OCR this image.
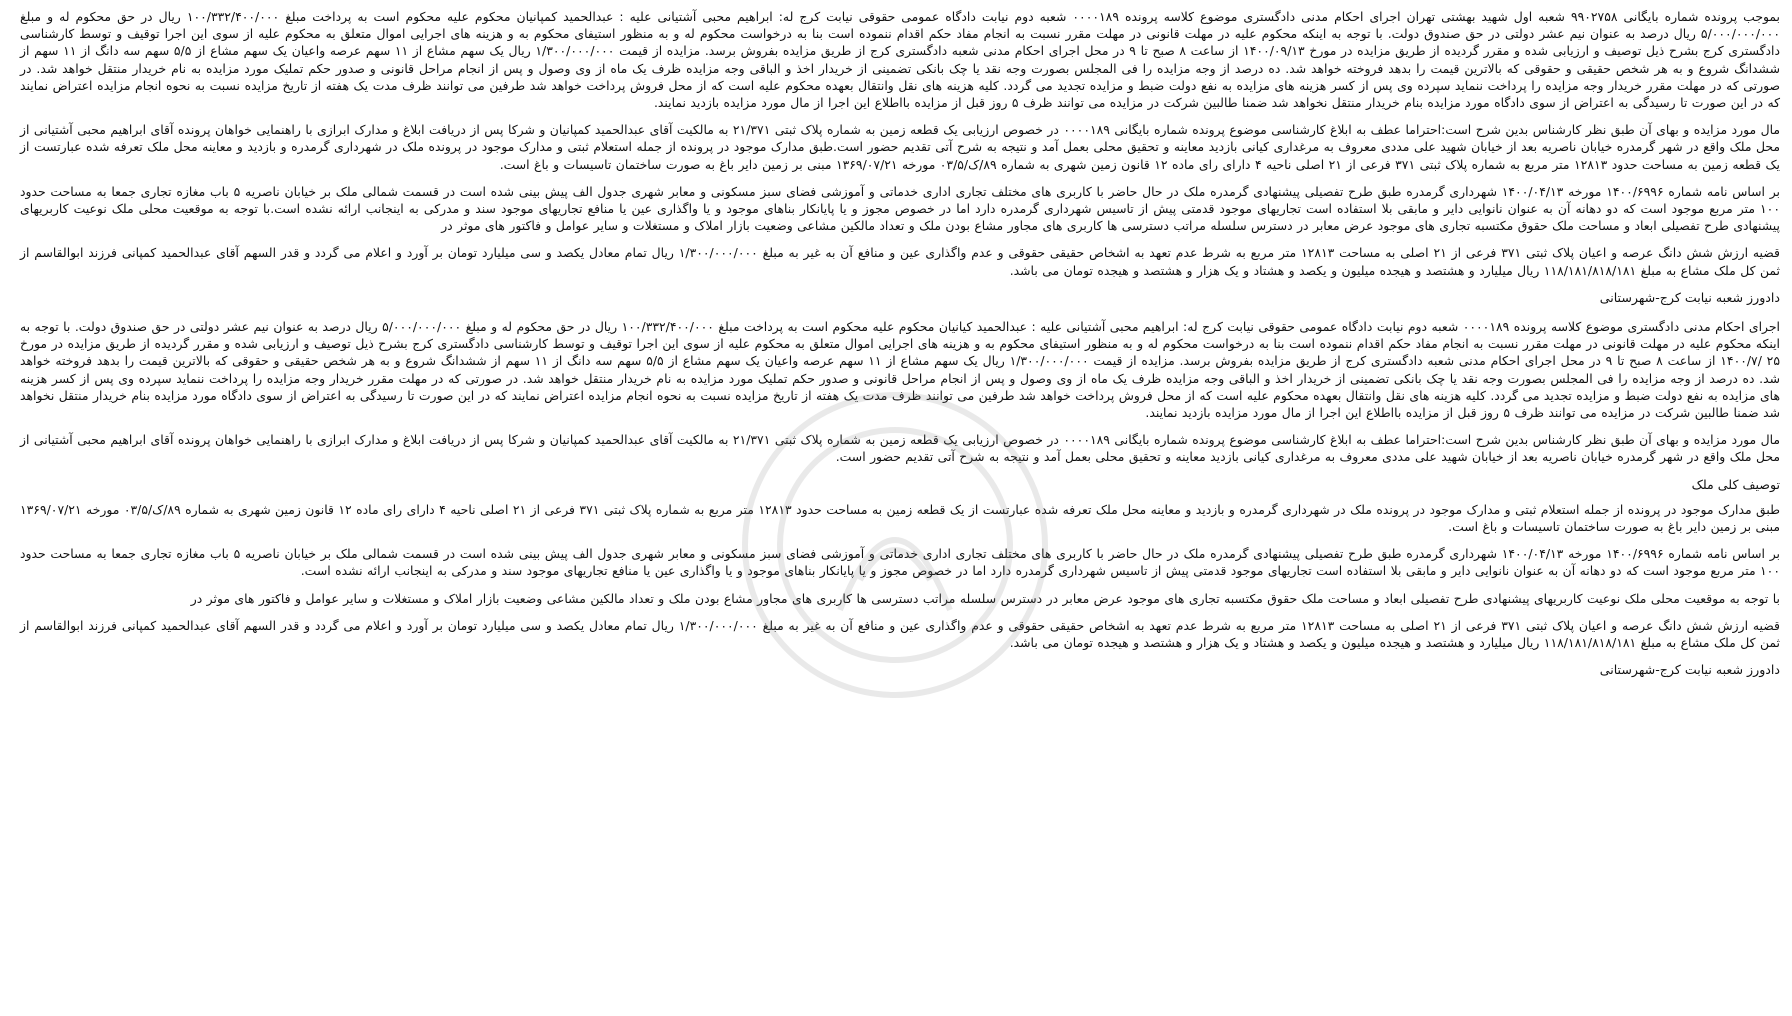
بموجب پرونده شماره بایگانی ۹۹۰۲۷۵۸ شعبه اول شهید بهشتی تهران اجرای احکام مدنی دادگستری موضوع کلاسه پرونده ۰۰۰۰۱۸۹ شعبه دوم نیابت دادگاه عمومی حقوقی نیابت کرج له: ابراهیم محبی آشتیانی علیه : عبدالحمید کمپانیان محکوم علیه محکوم است به پرداخت مبلغ ۱۰۰/۳۳۲/۴۰۰/۰۰۰ ریال در حق محکوم له و مبلغ ۵/۰۰۰/۰۰۰/۰۰۰ ریال درصد به عنوان نیم عشر دولتی در حق صندوق دولت. با توجه به اینکه محکوم علیه در مهلت قانونی در مهلت مقرر نسبت به انجام مفاد حکم اقدام ننموده است بنا به درخواست محکوم له و به منظور استیفای محکوم به و هزینه های اجرایی اموال متعلق به محکوم علیه از سوی این اجرا توقیف و توسط کارشناسی دادگستری کرج بشرح ذیل توصیف و ارزیابی شده و مقرر گردیده از طریق مزایده در مورخ ۱۴۰۰/۰۹/۱۳ از ساعت ۸ صبح تا ۹ در محل اجرای احکام مدنی شعبه دادگستری کرج از طریق مزایده بفروش برسد. مزایده از قیمت ۱/۳۰۰/۰۰۰/۰۰۰ ریال یک سهم مشاع از ۱۱ سهم عرصه واعیان یک سهم مشاع از ۵/۵ سهم سه دانگ از ۱۱ سهم از ششدانگ شروع و به هر شخص حقیقی و حقوقی که بالاترین قیمت را بدهد فروخته خواهد شد. ده درصد از وجه مزایده را فی المجلس بصورت وجه نقد یا چک بانکی تضمینی از خریدار اخذ و الباقی وجه مزایده ظرف یک ماه از وی وصول و پس از انجام مراحل قانونی و صدور حکم تملیک مورد مزایده به نام خریدار منتقل خواهد شد. در صورتی که در مهلت مقرر خریدار وجه مزایده را پرداخت ننماید سپرده وی پس از کسر هزینه های مزایده به نفع دولت ضبط و مزایده تجدید می گردد. کلیه هزینه های نقل وانتقال بعهده محکوم علیه است که از محل فروش پرداخت خواهد شد طرفین می توانند ظرف مدت یک هفته از تاریخ مزایده نسبت به نحوه انجام مزایده اعتراض نمایند که در این صورت تا رسیدگی به اعتراض از سوی دادگاه مورد مزایده بنام خریدار منتقل نخواهد شد ضمنا طالبین شرکت در مزایده می توانند ظرف ۵ روز قبل از مزایده بااطلاع این اجرا از مال مورد مزایده بازدید نمایند.

مال مورد مزایده و بهای آن طبق نظر کارشناس بدین شرح است:احتراما عطف به ابلاغ کارشناسی موضوع پرونده شماره بایگانی ۰۰۰۰۱۸۹ در خصوص ارزیابی یک قطعه زمین به شماره پلاک ثبتی ۲۱/۳۷۱ به مالکیت آقای عبدالحمید کمپانیان و شرکا پس از دریافت ابلاغ و مدارک ابرازی با راهنمایی خواهان پرونده آقای ابراهیم محبی آشتیانی از محل ملک واقع در شهر گرمدره خیابان ناصریه بعد از خیابان شهید علی مددی معروف به مرغداری کیانی بازدید معاینه و تحقیق محلی بعمل آمد و نتیجه به شرح آتی تقدیم حضور است.طبق مدارک موجود در پرونده از جمله استعلام ثبتی و مدارک موجود در پرونده ملک در شهرداری گرمدره و بازدید و معاینه محل ملک تعرفه شده عبارتست از یک قطعه زمین به مساحت حدود ۱۲۸۱۳ متر مربع به شماره پلاک ثبتی ۳۷۱ فرعی از ۲۱ اصلی ناحیه ۴ دارای رای ماده ۱۲ قانون زمین شهری به شماره ۸۹/ک/۰۳/۵ مورخه ۱۳۶۹/۰۷/۲۱ مبنی بر زمین دایر باغ به صورت ساختمان تاسیسات و باغ است.

بر اساس نامه شماره ۱۴۰۰/۶۹۹۶ مورخه ۱۴۰۰/۰۴/۱۳ شهرداری گرمدره طبق طرح تفصیلی پیشنهادی گرمدره ملک در حال حاضر با کاربری های مختلف تجاری اداری خدماتی و آموزشی فضای سبز مسکونی و معابر شهری جدول الف پیش بینی شده است در قسمت شمالی ملک بر خیابان ناصریه ۵ باب مغازه تجاری جمعا به مساحت حدود ۱۰۰ متر مربع موجود است که دو دهانه آن به عنوان نانوایی دایر و مابقی بلا استفاده است تجاریهای موجود قدمتی پیش از تاسیس شهرداری گرمدره دارد اما در خصوص مجوز و یا پایانکار بناهای موجود و یا واگذاری عین یا منافع تجاریهای موجود سند و مدرکی به اینجانب ارائه نشده است.با توجه به موقعیت محلی ملک نوعیت کاربریهای پیشنهادی طرح تفصیلی ابعاد و مساحت ملک حقوق مکتسبه تجاری های موجود عرض معابر در دسترس سلسله مراتب دسترسی ها کاربری های مجاور مشاع بودن ملک و تعداد مالکین مشاعی وضعیت بازار املاک و مستغلات و سایر عوامل و فاکتور های موثر در

قضیه ارزش شش دانگ عرصه و اعیان پلاک ثبتی ۳۷۱ فرعی از ۲۱ اصلی به مساحت ۱۲۸۱۳ متر مربع به شرط عدم تعهد به اشخاص حقیقی حقوقی و عدم واگذاری عین و منافع آن به غیر به مبلغ ۱/۳۰۰/۰۰۰/۰۰۰ ریال تمام معادل یکصد و سی میلیارد تومان بر آورد و اعلام می گردد و قدر السهم آقای عبدالحمید کمپانی فرزند ابوالقاسم از ثمن کل ملک مشاع به مبلغ ۱۱۸/۱۸۱/۸۱۸/۱۸۱ ریال میلیارد و هشتصد و هیجده میلیون و یکصد و هشتاد و یک هزار و هشتصد و هیجده تومان می باشد.

دادورز شعبه نیابت کرج-شهرستانی

اجرای احکام مدنی دادگستری موضوع کلاسه پرونده ۰۰۰۰۱۸۹ شعبه دوم نیابت دادگاه عمومی حقوقی نیابت کرج له: ابراهیم محبی آشتیانی علیه : عبدالحمید کیانیان محکوم علیه محکوم است به پرداخت مبلغ ۱۰۰/۳۳۲/۴۰۰/۰۰۰ ریال در حق محکوم له و مبلغ ۵/۰۰۰/۰۰۰/۰۰۰ ریال درصد به عنوان نیم عشر دولتی در حق صندوق دولت. با توجه به اینکه محکوم علیه در مهلت قانونی در مهلت مقرر نسبت به انجام مفاد حکم اقدام ننموده است بنا به درخواست محکوم له و به منظور استیفای محکوم به و هزینه های اجرایی اموال متعلق به محکوم علیه از سوی این اجرا توقیف و توسط کارشناسی دادگستری کرج بشرح ذیل توصیف و ارزیابی شده و مقرر گردیده از طریق مزایده در مورخ ۲۵ /۱۴۰۰/۷ از ساعت ۸ صبح تا ۹ در محل اجرای احکام مدنی شعبه دادگستری کرج از طریق مزایده بفروش برسد. مزایده از قیمت ۱/۳۰۰/۰۰۰/۰۰۰ ریال یک سهم مشاع از ۱۱ سهم عرصه واعیان یک سهم مشاع از ۵/۵ سهم سه دانگ از ۱۱ سهم از ششدانگ شروع و به هر شخص حقیقی و حقوقی که بالاترین قیمت را بدهد فروخته خواهد شد. ده درصد از وجه مزایده را فی المجلس بصورت وجه نقد یا چک بانکی تضمینی از خریدار اخذ و الباقی وجه مزایده ظرف یک ماه از وی وصول و پس از انجام مراحل قانونی و صدور حکم تملیک مورد مزایده به نام خریدار منتقل خواهد شد. در صورتی که در مهلت مقرر خریدار وجه مزایده را پرداخت ننماید سپرده وی پس از کسر هزینه های مزایده به نفع دولت ضبط و مزایده تجدید می گردد. کلیه هزینه های نقل وانتقال بعهده محکوم علیه است که از محل فروش پرداخت خواهد شد طرفین می توانند ظرف مدت یک هفته از تاریخ مزایده نسبت به نحوه انجام مزایده اعتراض نمایند که در این صورت تا رسیدگی به اعتراض از سوی دادگاه مورد مزایده بنام خریدار منتقل نخواهد شد ضمنا طالبین شرکت در مزایده می توانند ظرف ۵ روز قبل از مزایده بااطلاع این اجرا از مال مورد مزایده بازدید نمایند.

مال مورد مزایده و بهای آن طبق نظر کارشناس بدین شرح است:احتراما عطف به ابلاغ کارشناسی موضوع پرونده شماره بایگانی ۰۰۰۰۱۸۹ در خصوص ارزیابی یک قطعه زمین به شماره پلاک ثبتی ۲۱/۳۷۱ به مالکیت آقای عبدالحمید کمپانیان و شرکا پس از دریافت ابلاغ و مدارک ابرازی با راهنمایی خواهان پرونده آقای ابراهیم محبی آشتیانی از محل ملک واقع در شهر گرمدره خیابان ناصریه بعد از خیابان شهید علی مددی معروف به مرغداری کیانی بازدید معاینه و تحقیق محلی بعمل آمد و نتیجه به شرح آتی تقدیم حضور است.

توصیف کلی ملک

طبق مدارک موجود در پرونده از جمله استعلام ثبتی و مدارک موجود در پرونده ملک در شهرداری گرمدره و بازدید و معاینه محل ملک تعرفه شده عبارتست از یک قطعه زمین به مساحت حدود ۱۲۸۱۳ متر مربع به شماره پلاک ثبتی ۳۷۱ فرعی از ۲۱ اصلی ناحیه ۴ دارای رای ماده ۱۲ قانون زمین شهری به شماره ۸۹/ک/۰۳/۵ مورخه ۱۳۶۹/۰۷/۲۱ مبنی بر زمین دایر باغ به صورت ساختمان تاسیسات و باغ است.

بر اساس نامه شماره ۱۴۰۰/۶۹۹۶ مورخه ۱۴۰۰/۰۴/۱۳ شهرداری گرمدره طبق طرح تفصیلی پیشنهادی گرمدره ملک در حال حاضر با کاربری های مختلف تجاری اداری خدماتی و آموزشی فضای سبز مسکونی و معابر شهری جدول الف پیش بینی شده است در قسمت شمالی ملک بر خیابان ناصریه ۵ باب مغازه تجاری جمعا به مساحت حدود ۱۰۰ متر مربع موجود است که دو دهانه آن به عنوان نانوایی دایر و مابقی بلا استفاده است تجاریهای موجود قدمتی پیش از تاسیس شهرداری گرمدره دارد اما در خصوص مجوز و یا پایانکار بناهای موجود و یا واگذاری عین یا منافع تجاریهای موجود سند و مدرکی به اینجانب ارائه نشده است.

با توجه به موقعیت محلی ملک نوعیت کاربریهای پیشنهادی طرح تفصیلی ابعاد و مساحت ملک حقوق مکتسبه تجاری های موجود عرض معابر در دسترس سلسله مراتب دسترسی ها کاربری های مجاور مشاع بودن ملک و تعداد مالکین مشاعی وضعیت بازار املاک و مستغلات و سایر عوامل و فاکتور های موثر در

قضیه ارزش شش دانگ عرصه و اعیان پلاک ثبتی ۳۷۱ فرعی از ۲۱ اصلی به مساحت ۱۲۸۱۳ متر مربع به شرط عدم تعهد به اشخاص حقیقی حقوقی و عدم واگذاری عین و منافع آن به غیر به مبلغ ۱/۳۰۰/۰۰۰/۰۰۰ ریال تمام معادل یکصد و سی میلیارد تومان بر آورد و اعلام می گردد و قدر السهم آقای عبدالحمید کمپانی فرزند ابوالقاسم از ثمن کل ملک مشاع به مبلغ ۱۱۸/۱۸۱/۸۱۸/۱۸۱ ریال میلیارد و هشتصد و هیجده میلیون و یکصد و هشتاد و یک هزار و هشتصد و هیجده تومان می باشد.

دادورز شعبه نیابت کرج-شهرستانی
